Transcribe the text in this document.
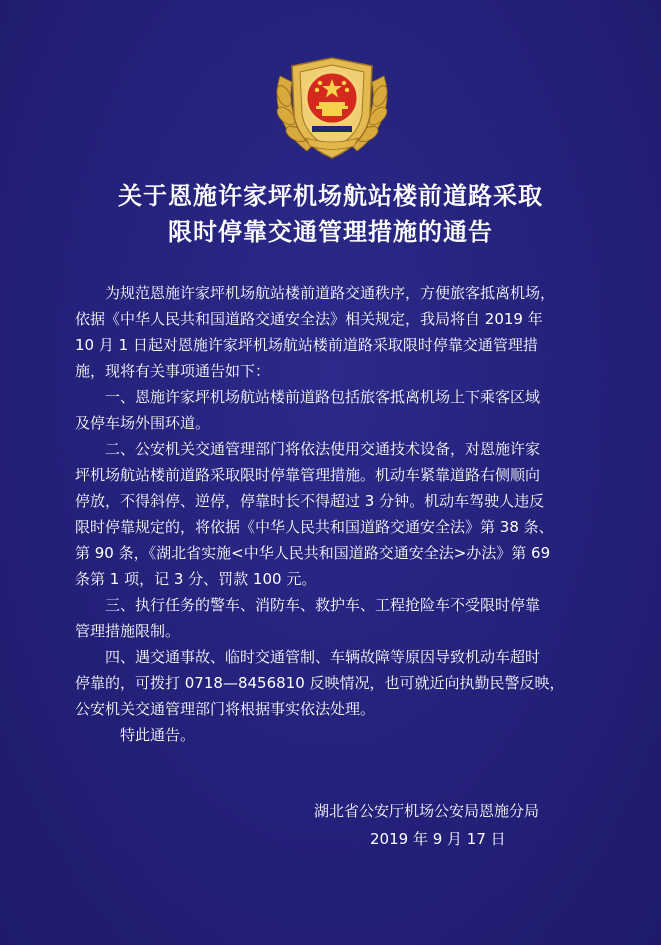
关于恩施许家坪机场航站楼前道路采取
限时停靠交通管理措施的通告
为规范恩施许家坪机场航站楼前道路交通秩序，方便旅客抵离机场，
依据《中华人民共和国道路交通安全法》相关规定，我局将自 2019 年
10 月 1 日起对恩施许家坪机场航站楼前道路采取限时停靠交通管理措
施，现将有关事项通告如下：
一、恩施许家坪机场航站楼前道路包括旅客抵离机场上下乘客区域
及停车场外围环道。
二、公安机关交通管理部门将依法使用交通技术设备，对恩施许家
坪机场航站楼前道路采取限时停靠管理措施。机动车紧靠道路右侧顺向
停放，不得斜停、逆停，停靠时长不得超过 3 分钟。机动车驾驶人违反
限时停靠规定的，将依据《中华人民共和国道路交通安全法》第 38 条、
第 90 条，《湖北省实施<中华人民共和国道路交通安全法>办法》第 69
条第 1 项，记 3 分、罚款 100 元。
三、执行任务的警车、消防车、救护车、工程抢险车不受限时停靠
管理措施限制。
四、遇交通事故、临时交通管制、车辆故障等原因导致机动车超时
停靠的，可拨打 0718—8456810 反映情况，也可就近向执勤民警反映，
公安机关交通管理部门将根据事实依法处理。
特此通告。
湖北省公安厅机场公安局恩施分局
2019 年 9 月 17 日
